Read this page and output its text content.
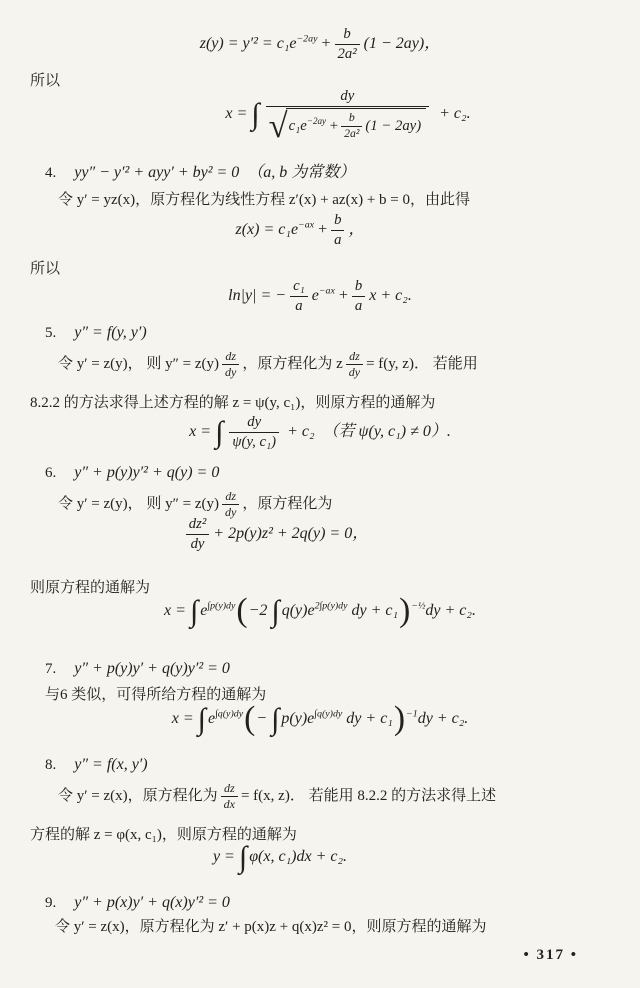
$z(y) = y'^2 = c_1e^{-2ay} + \frac{b}{\text{2a²}} (1 - 2ay)$，
所以
x = ∫ $\frac{dy}{√ c_1e^{-2ay} + \frac{b}{\text{2a²}} (1 - 2ay)} + c_2$.
4. yy″ − y′² + ayy′ + by² = 0　（a, b 为常数）
令 y′ = yz(x)，原方程化为线性方程 z′(x) + az(x) + b = 0，由此得
$z(x) = c_1e^{-ax} + \frac{b}{a}$ ，
所以
ln|y| = − $\frac{\text{c₁}}{a} e^{-ax} + \frac{b}{a}$ x + c₂.
5. y″ = f(y, y′)
令 y′ = z(y)， 则 $y'' = z(y) \frac{dz}{dy}$ ，原方程化为 z $\frac{dz}{dy} = f(y$, z)． 若能用
8.2.2 的方法求得上述方程的解 z = ψ(y, c₁)，则原方程的通解为
x = ∫ $\frac{dy}{\text{ψ(y, c₁)}} + c_2$　（若 ψ(y, c₁) ≠ 0）.
6. y″ + p(y)y′² + q(y) = 0
令 y′ = z(y)， 则 $y'' = z(y) \frac{dz}{dy}$ ，原方程化为
$\frac{\text{dz²}}{dy} + 2p(y)z^2 + 2q(y) = 0$，
则原方程的通解为
x = ∫ $e^{\int p(y)dy}(-2$ ∫ $q(y)e^{2\int p(y)dy}$ dy + c₁)$^{-\frac{1}{2}}$dy + c₂.
7. y″ + p(y)y′ + q(y)y′² = 0
与6 类似，可得所给方程的通解为
x = ∫ $e^{\int q(y)dy}(-$ ∫ $p(y)e^{\int q(y)dy}$ dy + c₁)$^{-1}$dy + c₂.
8. y″ = f(x, y′)
令 y′ = z(x)，原方程化为 $\frac{dz}{dx} = f(x$, z)． 若能用 8.2.2 的方法求得上述
方程的解 z = φ(x, c₁)，则原方程的通解为
y = ∫ φ(x, c₁)dx + c₂.
9. y″ + p(x)y′ + q(x)y′² = 0
令 y′ = z(x)，原方程化为 z′ + p(x)z + q(x)z² = 0，则原方程的通解为
• 317 •
